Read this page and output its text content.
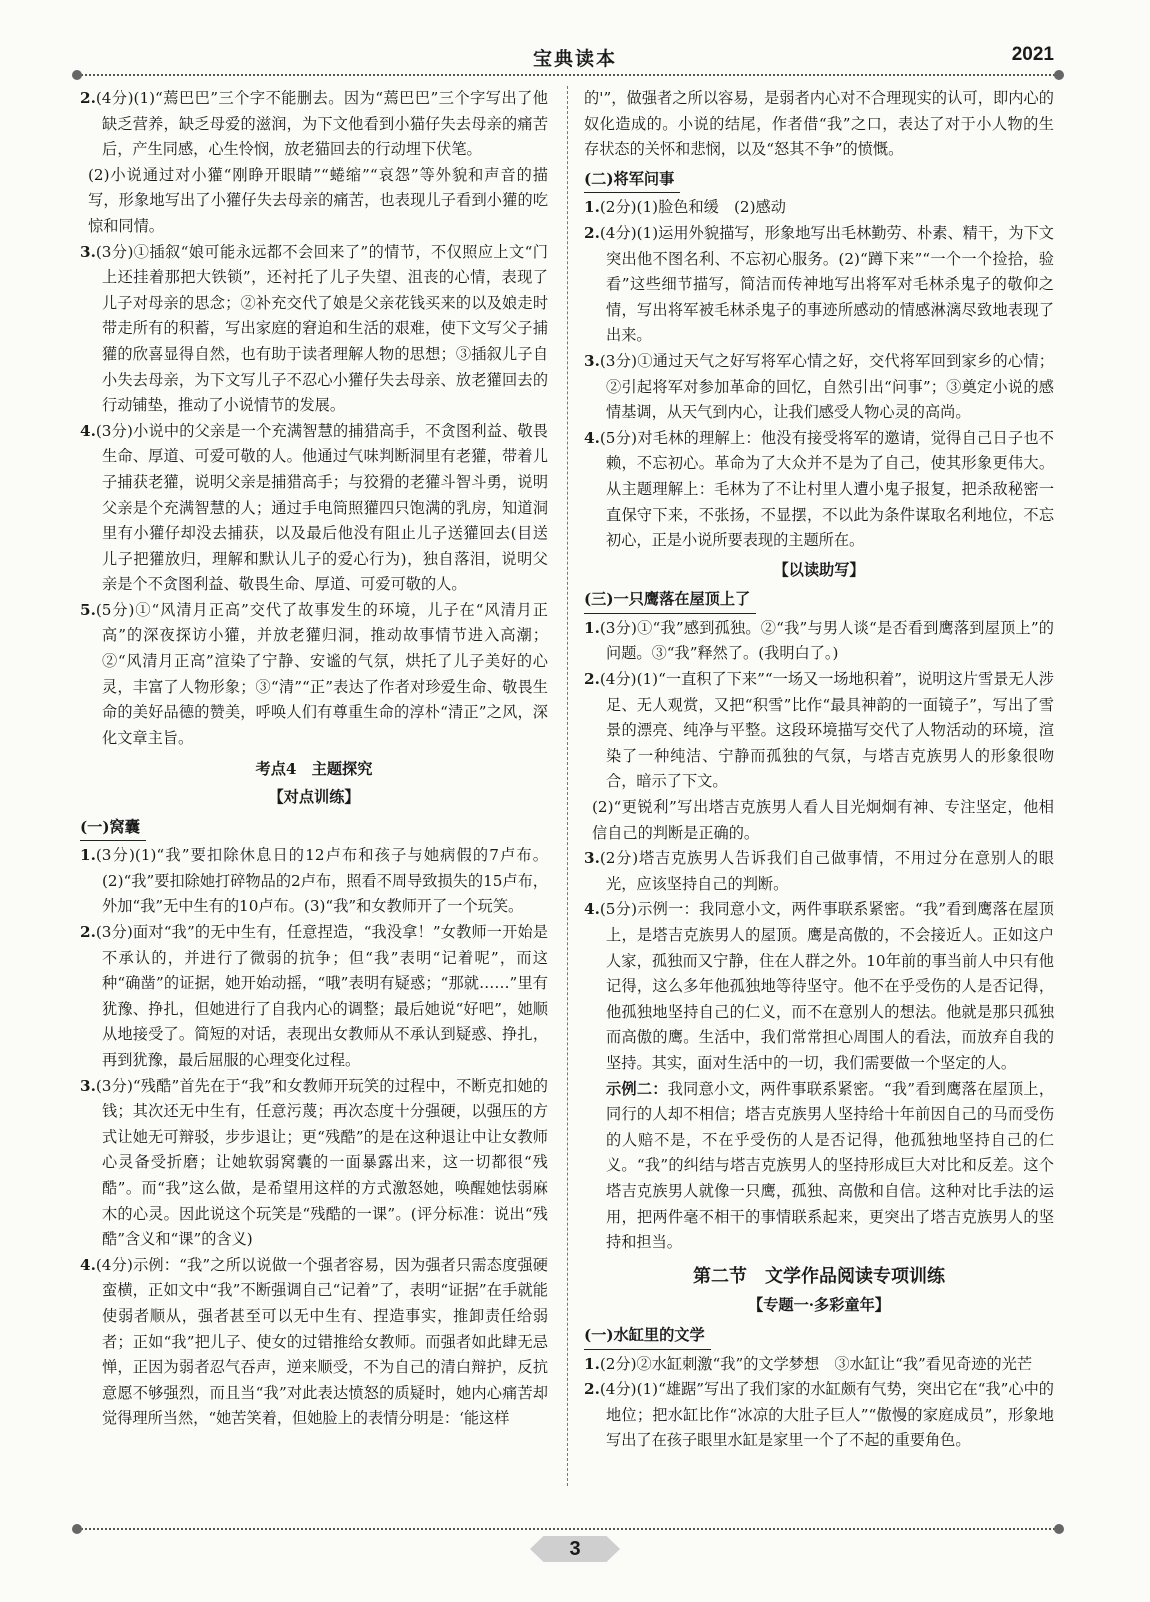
宝典读本	2021

2.(4分)(1)“蔫巴巴”三个字不能删去。因为“蔫巴巴”三个字写出了他缺乏营养，缺乏母爱的滋润，为下文他看到小猫仔失去母亲的痛苦后，产生同感，心生怜悯，放老猫回去的行动埋下伏笔。

(2)小说通过对小獾“刚睁开眼睛”“蜷缩”“哀怨”等外貌和声音的描写，形象地写出了小獾仔失去母亲的痛苦，也表现儿子看到小獾的吃惊和同情。

3.(3分)①插叙“娘可能永远都不会回来了”的情节，不仅照应上文“门上还挂着那把大铁锁”，还衬托了儿子失望、沮丧的心情，表现了儿子对母亲的思念；②补充交代了娘是父亲花钱买来的以及娘走时带走所有的积蓄，写出家庭的窘迫和生活的艰难，使下文写父子捕獾的欣喜显得自然，也有助于读者理解人物的思想；③插叙儿子自小失去母亲，为下文写儿子不忍心小獾仔失去母亲、放老獾回去的行动铺垫，推动了小说情节的发展。

4.(3分)小说中的父亲是一个充满智慧的捕猎高手，不贪图利益、敬畏生命、厚道、可爱可敬的人。他通过气味判断洞里有老獾，带着儿子捕获老獾，说明父亲是捕猎高手；与狡猾的老獾斗智斗勇，说明父亲是个充满智慧的人；通过手电筒照獾四只饱满的乳房，知道洞里有小獾仔却没去捕获，以及最后他没有阻止儿子送獾回去(目送儿子把獾放归，理解和默认儿子的爱心行为)，独自落泪，说明父亲是个不贪图利益、敬畏生命、厚道、可爱可敬的人。

5.(5分)①“风清月正高”交代了故事发生的环境，儿子在“风清月正高”的深夜探访小獾，并放老獾归洞，推动故事情节进入高潮；②“风清月正高”渲染了宁静、安谧的气氛，烘托了儿子美好的心灵，丰富了人物形象；③“清”“正”表达了作者对珍爱生命、敬畏生命的美好品德的赞美，呼唤人们有尊重生命的淳朴“清正”之风，深化文章主旨。

考点4　主题探究

【对点训练】

(一)窝囊

1.(3分)(1)“我”要扣除休息日的12卢布和孩子与她病假的7卢布。(2)“我”要扣除她打碎物品的2卢布，照看不周导致损失的15卢布，外加“我”无中生有的10卢布。(3)“我”和女教师开了一个玩笑。

2.(3分)面对“我”的无中生有，任意捏造，“我没拿！”女教师一开始是不承认的，并进行了微弱的抗争；但“我”表明“记着呢”，而这种“确凿”的证据，她开始动摇，“哦”表明有疑惑；“那就……”里有犹豫、挣扎，但她进行了自我内心的调整；最后她说“好吧”，她顺从地接受了。简短的对话，表现出女教师从不承认到疑惑、挣扎，再到犹豫，最后屈服的心理变化过程。

3.(3分)“残酷”首先在于“我”和女教师开玩笑的过程中，不断克扣她的钱；其次还无中生有，任意污蔑；再次态度十分强硬，以强压的方式让她无可辩驳，步步退让；更“残酷”的是在这种退让中让女教师心灵备受折磨；让她软弱窝囊的一面暴露出来，这一切都很“残酷”。而“我”这么做，是希望用这样的方式激怒她，唤醒她怯弱麻木的心灵。因此说这个玩笑是“残酷的一课”。(评分标准：说出“残酷”含义和“课”的含义)

4.(4分)示例：“我”之所以说做一个强者容易，因为强者只需态度强硬蛮横，正如文中“我”不断强调自己“记着”了，表明“证据”在手就能使弱者顺从，强者甚至可以无中生有、捏造事实，推卸责任给弱者；正如“我”把儿子、使女的过错推给女教师。而强者如此肆无忌惮，正因为弱者忍气吞声，逆来顺受，不为自己的清白辩护，反抗意愿不够强烈，而且当“我”对此表达愤怒的质疑时，她内心痛苦却觉得理所当然，“她苦笑着，但她脸上的表情分明是：‘能这样

的'”，做强者之所以容易，是弱者内心对不合理现实的认可，即内心的奴化造成的。小说的结尾，作者借“我”之口，表达了对于小人物的生存状态的关怀和悲悯，以及“怒其不争”的愤慨。

(二)将军问事

1.(2分)(1)脸色和缓　(2)感动

2.(4分)(1)运用外貌描写，形象地写出毛林勤劳、朴素、精干，为下文突出他不图名利、不忘初心服务。(2)“蹲下来”“一个一个捡拾，验看”这些细节描写，简洁而传神地写出将军对毛林杀鬼子的敬仰之情，写出将军被毛林杀鬼子的事迹所感动的情感淋漓尽致地表现了出来。

3.(3分)①通过天气之好写将军心情之好，交代将军回到家乡的心情；②引起将军对参加革命的回忆，自然引出“问事”；③奠定小说的感情基调，从天气到内心，让我们感受人物心灵的高尚。

4.(5分)对毛林的理解上：他没有接受将军的邀请，觉得自己日子也不赖，不忘初心。革命为了大众并不是为了自己，使其形象更伟大。从主题理解上：毛林为了不让村里人遭小鬼子报复，把杀敌秘密一直保守下来，不张扬，不显摆，不以此为条件谋取名利地位，不忘初心，正是小说所要表现的主题所在。

【以读助写】

(三)一只鹰落在屋顶上了

1.(3分)①“我”感到孤独。②“我”与男人谈“是否看到鹰落到屋顶上”的问题。③“我”释然了。(我明白了。)

2.(4分)(1)“一直积了下来”“一场又一场地积着”，说明这片雪景无人涉足、无人观赏，又把“积雪”比作“最具神韵的一面镜子”，写出了雪景的漂亮、纯净与平整。这段环境描写交代了人物活动的环境，渲染了一种纯洁、宁静而孤独的气氛，与塔吉克族男人的形象很吻合，暗示了下文。

(2)“更锐利”写出塔吉克族男人看人目光炯炯有神、专注坚定，他相信自己的判断是正确的。

3.(2分)塔吉克族男人告诉我们自己做事情，不用过分在意别人的眼光，应该坚持自己的判断。

4.(5分)示例一：我同意小文，两件事联系紧密。“我”看到鹰落在屋顶上，是塔吉克族男人的屋顶。鹰是高傲的，不会接近人。正如这户人家，孤独而又宁静，住在人群之外。10年前的事当前人中只有他记得，这么多年他孤独地等待坚守。他不在乎受伤的人是否记得，他孤独地坚持自己的仁义，而不在意别人的想法。他就是那只孤独而高傲的鹰。生活中，我们常常担心周围人的看法，而放弃自我的坚持。其实，面对生活中的一切，我们需要做一个坚定的人。

示例二：我同意小文，两件事联系紧密。“我”看到鹰落在屋顶上，同行的人却不相信；塔吉克族男人坚持给十年前因自己的马而受伤的人赔不是，不在乎受伤的人是否记得，他孤独地坚持自己的仁义。“我”的纠结与塔吉克族男人的坚持形成巨大对比和反差。这个塔吉克族男人就像一只鹰，孤独、高傲和自信。这种对比手法的运用，把两件毫不相干的事情联系起来，更突出了塔吉克族男人的坚持和担当。

第二节　文学作品阅读专项训练

【专题一·多彩童年】

(一)水缸里的文学

1.(2分)②水缸刺激“我”的文学梦想　③水缸让“我”看见奇迹的光芒

2.(4分)(1)“雄踞”写出了我们家的水缸颇有气势，突出它在“我”心中的地位；把水缸比作“冰凉的大肚子巨人”“傲慢的家庭成员”，形象地写出了在孩子眼里水缸是家里一个了不起的重要角色。

3
